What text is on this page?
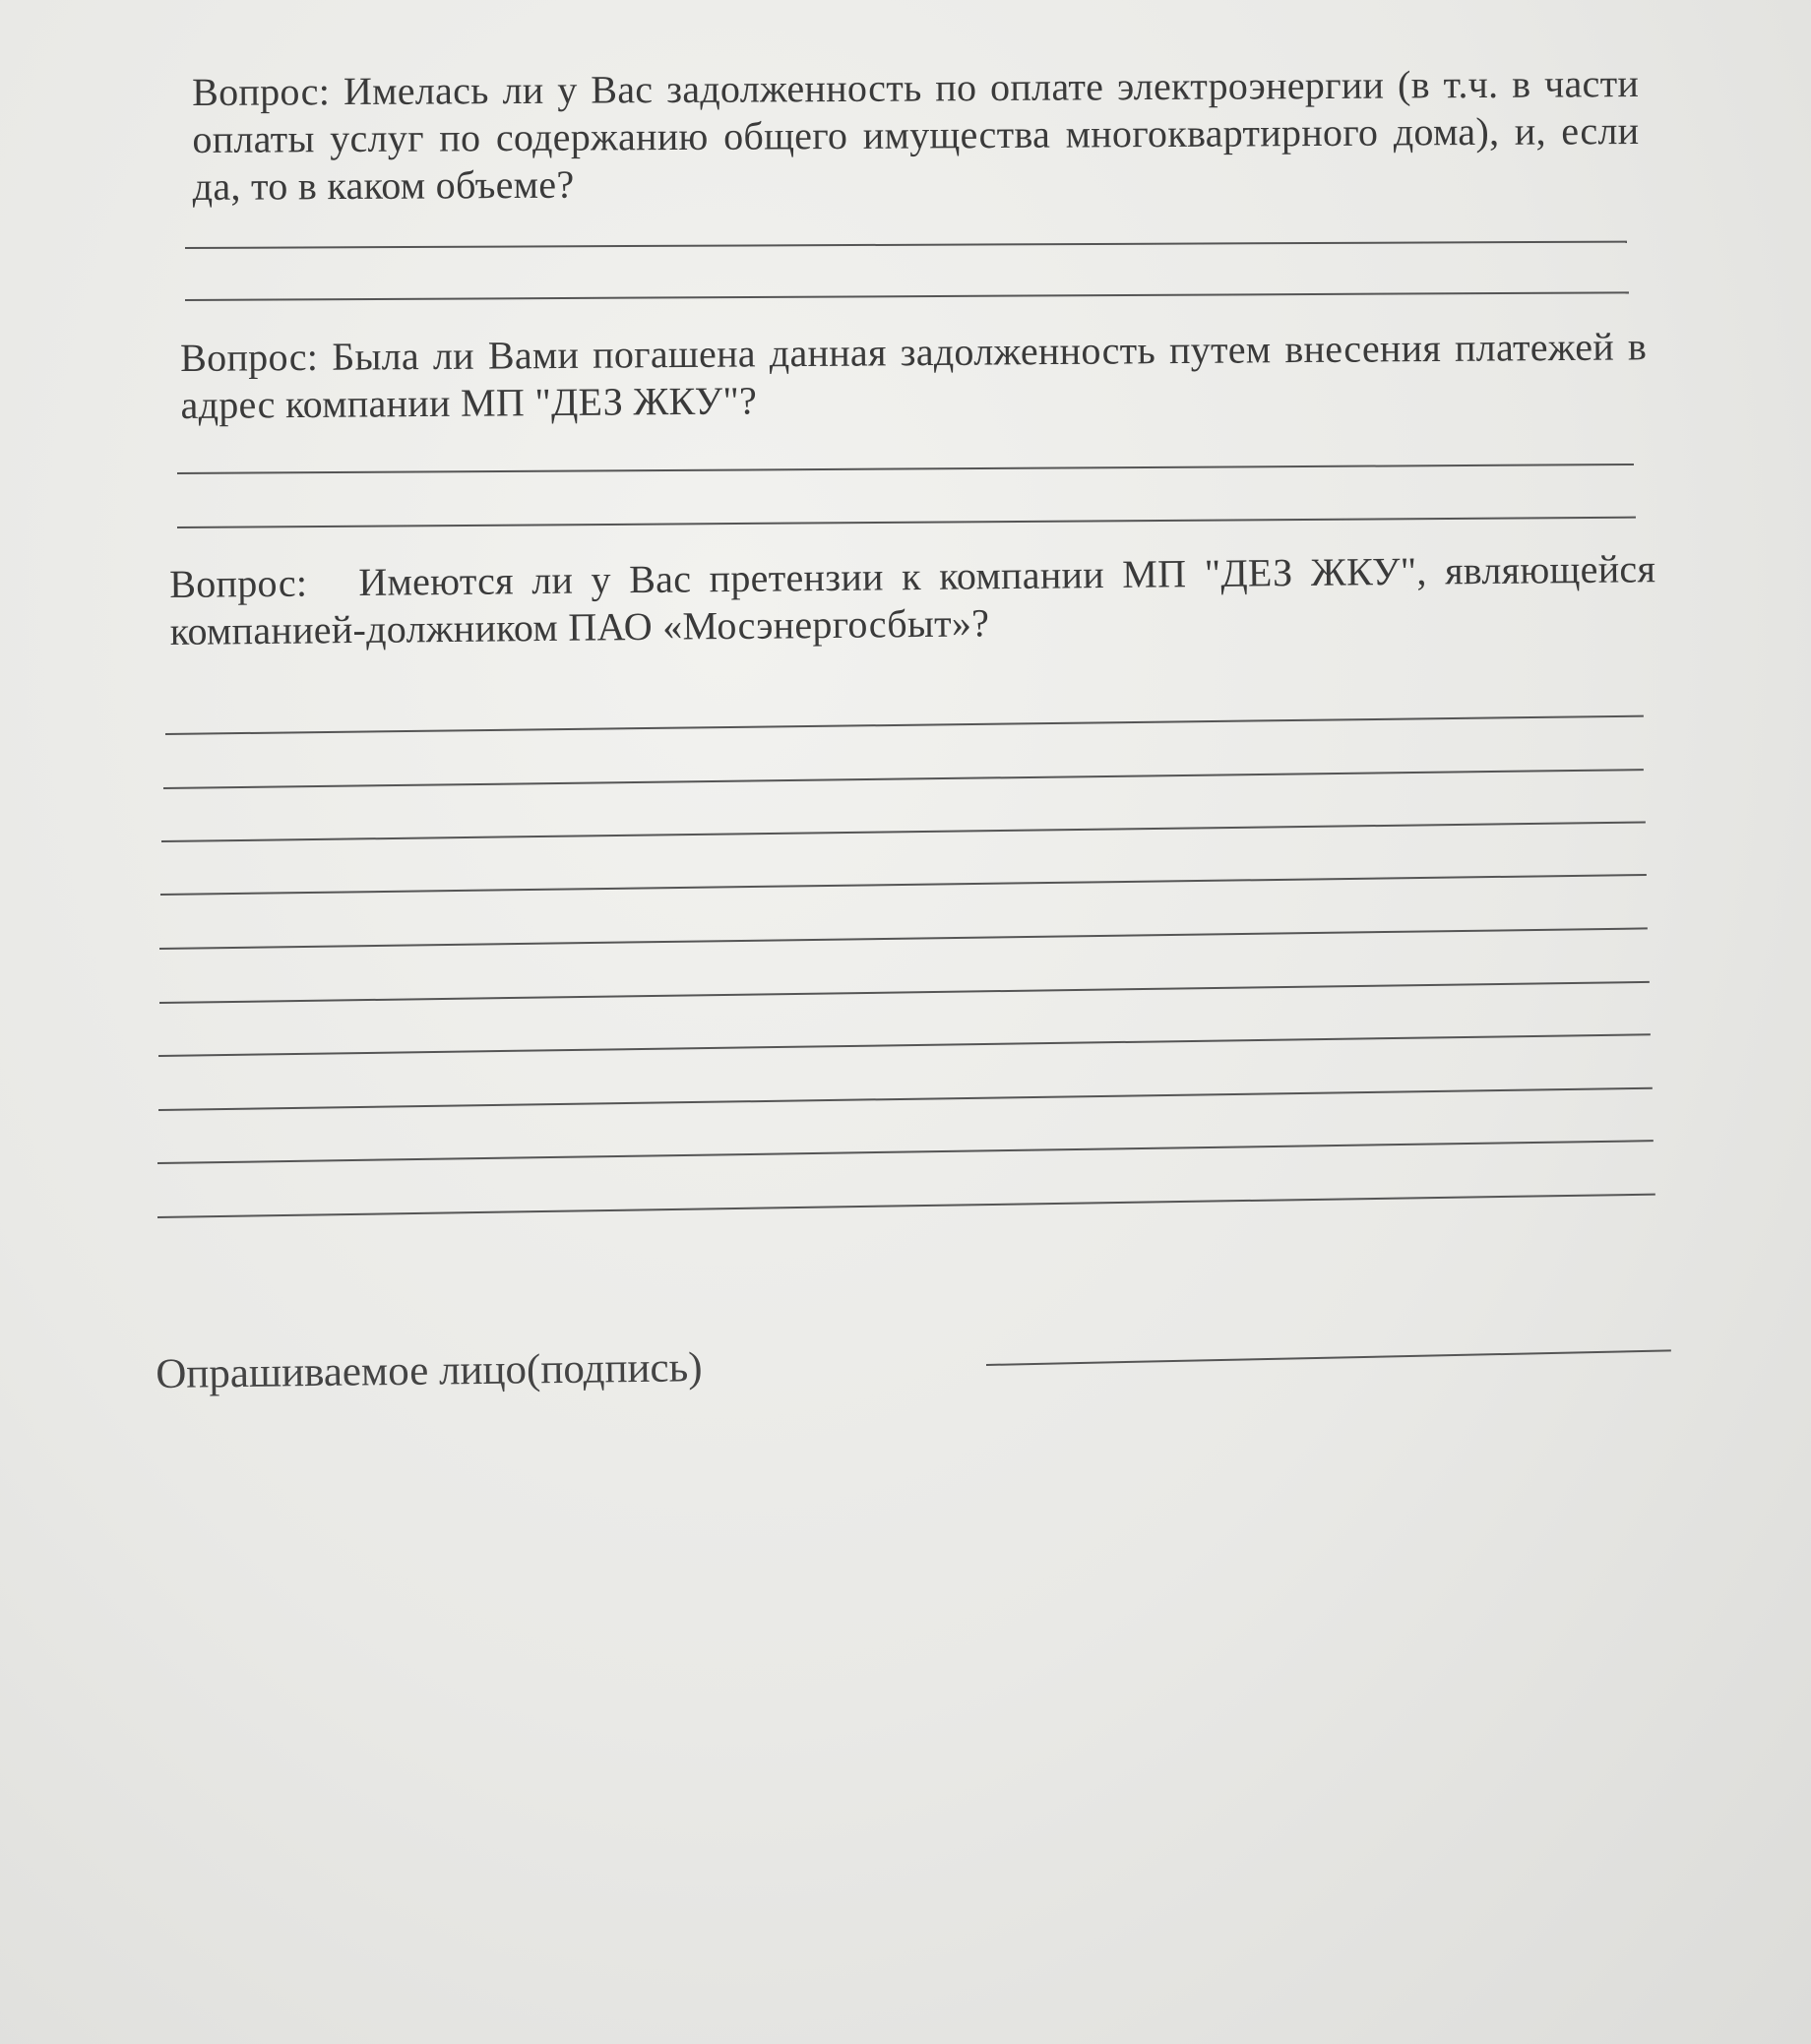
Вопрос: Имелась ли у Вас задолженность по оплате электроэнергии (в т.ч. в части оплаты услуг по содержанию общего имущества многоквартирного дома), и, если да, то в каком объеме?
Вопрос: Была ли Вами погашена данная задолженность путем внесения платежей в адрес компании МП "ДЕЗ ЖКУ"?
Вопрос: Имеются ли у Вас претензии к компании МП "ДЕЗ ЖКУ", являющейся компанией-должником ПАО «Мосэнергосбыт»?
Опрашиваемое лицо(подпись)
